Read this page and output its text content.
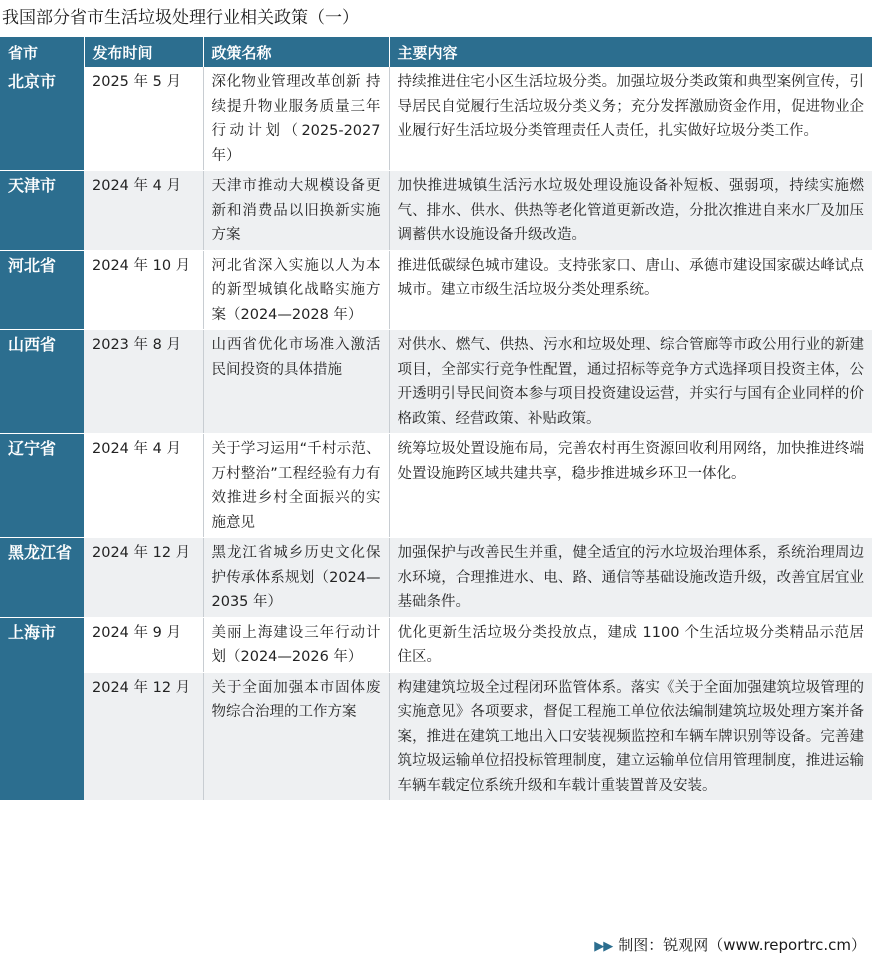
我国部分省市生活垃圾处理行业相关政策（一）
省市	发布时间	政策名称	主要内容
北京市	2025 年 5 月	深化物业管理改革创新 持续提升物业服务质量三年行动计划（2025-2027 年）	持续推进住宅小区生活垃圾分类。加强垃圾分类政策和典型案例宣传，引导居民自觉履行生活垃圾分类义务；充分发挥激励资金作用，促进物业企业履行好生活垃圾分类管理责任人责任，扎实做好垃圾分类工作。
天津市	2024 年 4 月	天津市推动大规模设备更新和消费品以旧换新实施方案	加快推进城镇生活污水垃圾处理设施设备补短板、强弱项，持续实施燃气、排水、供水、供热等老化管道更新改造，分批次推进自来水厂及加压调蓄供水设施设备升级改造。
河北省	2024 年 10 月	河北省深入实施以人为本的新型城镇化战略实施方案（2024—2028 年）	推进低碳绿色城市建设。支持张家口、唐山、承德市建设国家碳达峰试点城市。建立市级生活垃圾分类处理系统。
山西省	2023 年 8 月	山西省优化市场准入激活民间投资的具体措施	对供水、燃气、供热、污水和垃圾处理、综合管廊等市政公用行业的新建项目，全部实行竞争性配置，通过招标等竞争方式选择项目投资主体，公开透明引导民间资本参与项目投资建设运营，并实行与国有企业同样的价格政策、经营政策、补贴政策。
辽宁省	2024 年 4 月	关于学习运用“千村示范、万村整治”工程经验有力有效推进乡村全面振兴的实施意见	统筹垃圾处置设施布局，完善农村再生资源回收利用网络，加快推进终端处置设施跨区域共建共享，稳步推进城乡环卫一体化。
黑龙江省	2024 年 12 月	黑龙江省城乡历史文化保护传承体系规划（2024—2035 年）	加强保护与改善民生并重，健全适宜的污水垃圾治理体系，系统治理周边水环境，合理推进水、电、路、通信等基础设施改造升级，改善宜居宜业基础条件。
上海市	2024 年 9 月	美丽上海建设三年行动计划（2024—2026 年）	优化更新生活垃圾分类投放点，建成 1100 个生活垃圾分类精品示范居住区。
	2024 年 12 月	关于全面加强本市固体废物综合治理的工作方案	构建建筑垃圾全过程闭环监管体系。落实《关于全面加强建筑垃圾管理的实施意见》各项要求，督促工程施工单位依法编制建筑垃圾处理方案并备案，推进在建筑工地出入口安装视频监控和车辆车牌识别等设备。完善建筑垃圾运输单位招投标管理制度，建立运输单位信用管理制度，推进运输车辆车载定位系统升级和车载计重装置普及安装。
▶▶ 制图：锐观网（www.reportrc.cm）
